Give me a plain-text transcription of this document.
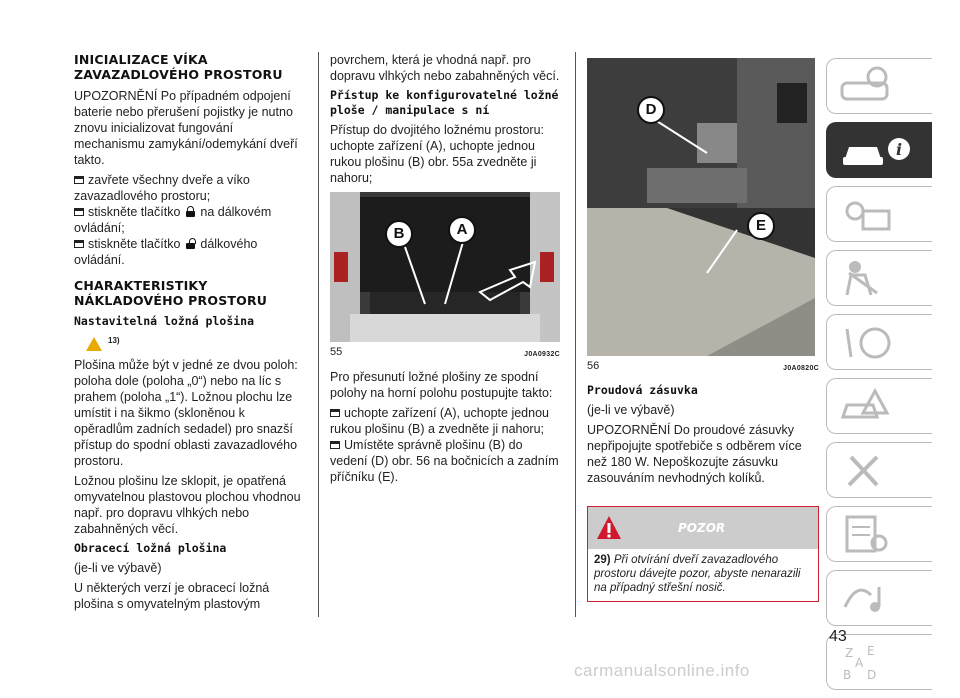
INICIALIZACE VÍKA ZAVAZADLOVÉHO PROSTORU

UPOZORNĚNÍ Po případném odpojení baterie nebo přerušení pojistky je nutno znovu inicializovat fungování mechanismu zamykání/odemykání dveří takto.

zavřete všechny dveře a víko zavazadlového prostoru;

stiskněte tlačítko na dálkovém ovládání;

stiskněte tlačítko dálkového ovládání.

CHARAKTERISTIKY NÁKLADOVÉHO PROSTORU
Nastavitelná ložná plošina

$^{13)}$

Plošina může být v jedné ze dvou poloh: poloha dole (poloha „0“) nebo na líc s prahem (poloha „1“). Ložnou plochu lze umístit i na šikmo (skloněnou k opěradlům zadních sedadel) pro snazší přístup do spodní oblasti zavazadlového prostoru.

Ložnou plošinu lze sklopit, je opatřená omyvatelnou plastovou plochou vhodnou např. pro dopravu vlhkých nebo zabahněných věcí.

Obracecí ložná plošina

(je-li ve výbavě)

U některých verzí je obracecí ložná plošina s omyvatelným plastovým

povrchem, která je vhodná např. pro dopravu vlhkých nebo zabahněných věcí.

Přístup ke konfigurovatelné ložné ploše / manipulace s ní

Přístup do dvojitého ložnému prostoru: uchopte zařízení (A), uchopte jednou rukou plošinu (B) obr. 55a zvedněte ji nahoru;

B	A
55	J0A0932C

Pro přesunutí ložné plošiny ze spodní polohy na horní polohu postupujte takto:

uchopte zařízení (A), uchopte jednou rukou plošinu (B) a zvedněte ji nahoru;

Umístěte správně plošinu (B) do vedení (D) obr. 56 na bočnicích a zadním příčníku (E).

D
E
56	J0A0820C
Proudová zásuvka

(je-li ve výbavě)

UPOZORNĚNÍ Do proudové zásuvky nepřipojujte spotřebiče s odběrem více než 180 W. Nepoškozujte zásuvku zasouváním nevhodných kolíků.

POZOR
29) Při otvírání dveří zavazadlového prostoru dávejte pozor, abyste nenarazili na případný střešní nosič.
i
Z E
A
B D
43
carmanualsonline.info
